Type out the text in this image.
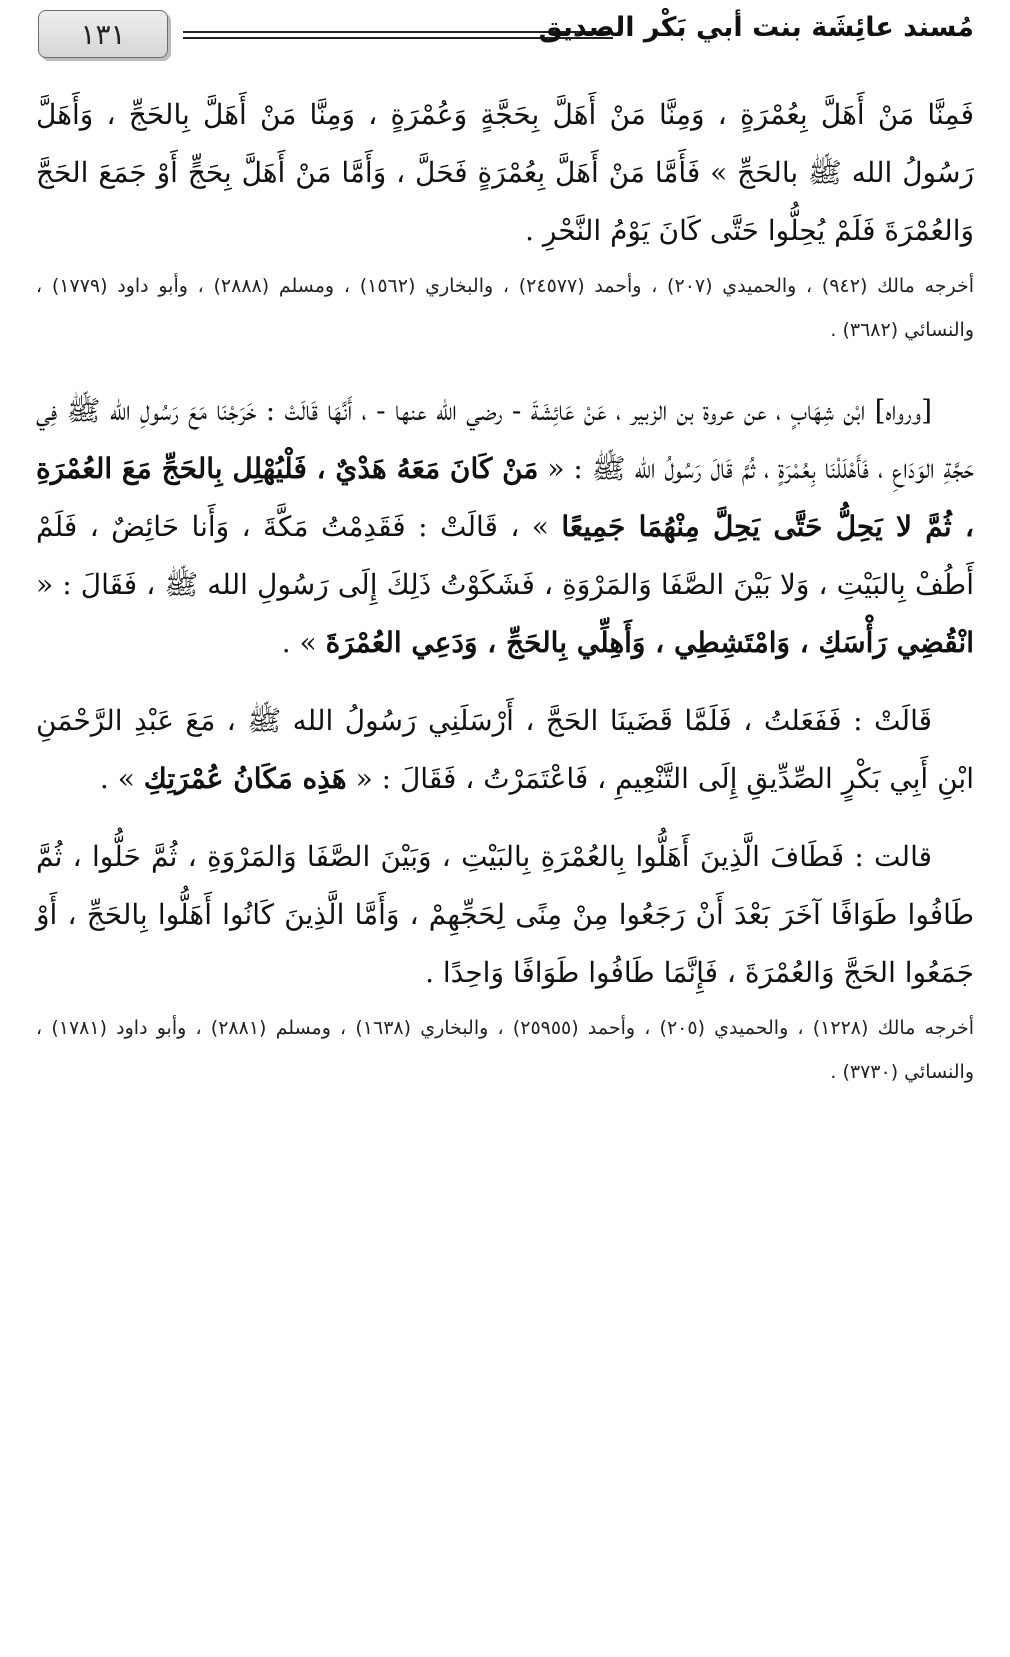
١٣١	مُسند عائِشَة بنت أبي بَكْر الصديق

فَمِنَّا مَنْ أَهَلَّ بِعُمْرَةٍ ، وَمِنَّا مَنْ أَهَلَّ بِحَجَّةٍ وَعُمْرَةٍ ، وَمِنَّا مَنْ أَهَلَّ بِالحَجِّ ، وَأَهَلَّ رَسُولُ الله ﷺ بالحَجِّ » فَأَمَّا مَنْ أَهَلَّ بِعُمْرَةٍ فَحَلَّ ، وَأَمَّا مَنْ أَهَلَّ بِحَجٍّ أَوْ جَمَعَ الحَجَّ وَالعُمْرَةَ فَلَمْ يُحِلُّوا حَتَّى كَانَ يَوْمُ النَّحْرِ .

أخرجه مالك (٩٤٢) ، والحميدي (٢٠٧) ، وأحمد (٢٤٥٧٧) ، والبخاري (١٥٦٢) ، ومسلم (٢٨٨٨) ، وأبو داود (١٧٧٩) ، والنسائي (٣٦٨٢) .

[ورواه] ابْن شِهَابٍ ، عن عروة بن الزبير ، عَنْ عَائِشَةَ - رضي الله عنها - ، أَنَّهَا قَالَتْ : خَرَجْنَا مَعَ رَسُولِ الله ﷺ فِي حَجَّةِ الوَدَاعِ ، فَأَهْلَلْنَا بِعُمْرَةٍ ، ثُمَّ قَالَ رَسُولُ الله ﷺ : « مَنْ كَانَ مَعَهُ هَدْيٌ ، فَلْيُهْلِل بِالحَجِّ مَعَ العُمْرَةِ ، ثُمَّ لا يَحِلُّ حَتَّى يَحِلَّ مِنْهُمَا جَمِيعًا » ، قَالَتْ : فَقَدِمْتُ مَكَّةَ ، وَأَنا حَائِضٌ ، فَلَمْ أَطُفْ بِالبَيْتِ ، وَلا بَيْنَ الصَّفَا وَالمَرْوَةِ ، فَشَكَوْتُ ذَلِكَ إِلَى رَسُولِ الله ﷺ ، فَقَالَ : « انْقُضِي رَأْسَكِ ، وَامْتَشِطِي ، وَأَهِلِّي بِالحَجِّ ، وَدَعِي العُمْرَةَ » .

قَالَتْ : فَفَعَلتُ ، فَلَمَّا قَضَينَا الحَجَّ ، أَرْسَلَنِي رَسُولُ الله ﷺ ، مَعَ عَبْدِ الرَّحْمَنِ ابْنِ أَبِي بَكْرٍ الصِّدِّيقِ إِلَى التَّنْعِيمِ ، فَاعْتَمَرْتُ ، فَقَالَ : « هَذِه مَكَانُ عُمْرَتِكِ » .

قالت : فَطَافَ الَّذِينَ أَهَلُّوا بِالعُمْرَةِ بِالبَيْتِ ، وَبَيْنَ الصَّفَا وَالمَرْوَةِ ، ثُمَّ حَلُّوا ، ثُمَّ طَافُوا طَوَافًا آخَرَ بَعْدَ أَنْ رَجَعُوا مِنْ مِنًى لِحَجِّهِمْ ، وَأَمَّا الَّذِينَ كَانُوا أَهَلُّوا بِالحَجِّ ، أَوْ جَمَعُوا الحَجَّ وَالعُمْرَةَ ، فَإِنَّمَا طَافُوا طَوَافًا وَاحِدًا .

أخرجه مالك (١٢٢٨) ، والحميدي (٢٠٥) ، وأحمد (٢٥٩٥٥) ، والبخاري (١٦٣٨) ، ومسلم (٢٨٨١) ، وأبو داود (١٧٨١) ، والنسائي (٣٧٣٠) .
